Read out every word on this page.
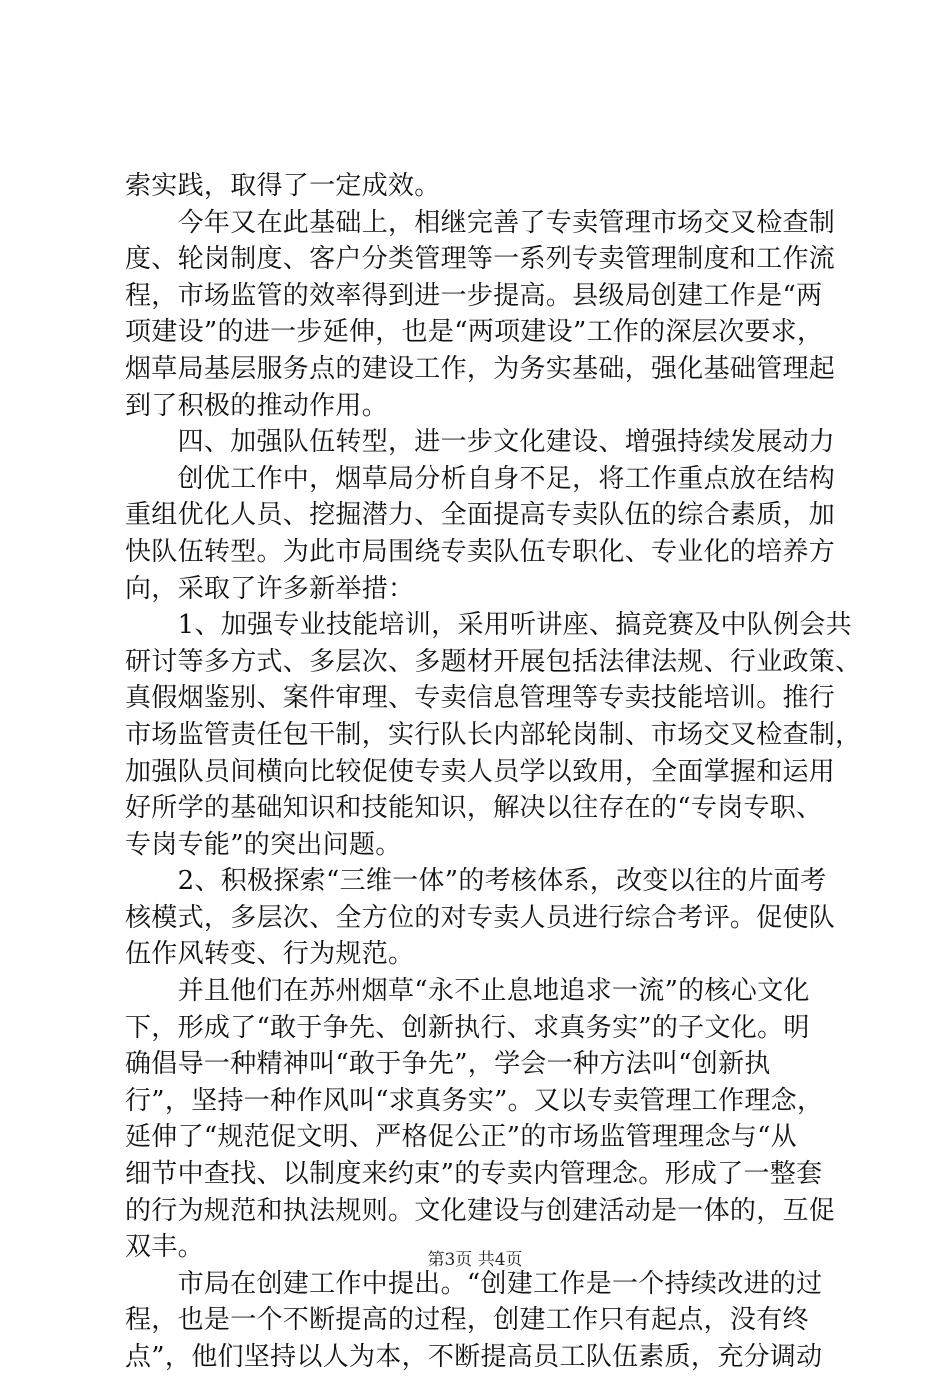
索实践，取得了一定成效。
　　今年又在此基础上，相继完善了专卖管理市场交叉检查制
度、轮岗制度、客户分类管理等一系列专卖管理制度和工作流
程，市场监管的效率得到进一步提高。县级局创建工作是“两
项建设”的进一步延伸，也是“两项建设”工作的深层次要求，
烟草局基层服务点的建设工作，为务实基础，强化基础管理起
到了积极的推动作用。
　　四、加强队伍转型，进一步文化建设、增强持续发展动力
　　创优工作中，烟草局分析自身不足，将工作重点放在结构
重组优化人员、挖掘潜力、全面提高专卖队伍的综合素质，加
快队伍转型。为此市局围绕专卖队伍专职化、专业化的培养方
向，采取了许多新举措：
　　1、加强专业技能培训，采用听讲座、搞竞赛及中队例会共
研讨等多方式、多层次、多题材开展包括法律法规、行业政策、
真假烟鉴别、案件审理、专卖信息管理等专卖技能培训。推行
市场监管责任包干制，实行队长内部轮岗制、市场交叉检查制，
加强队员间横向比较促使专卖人员学以致用，全面掌握和运用
好所学的基础知识和技能知识，解决以往存在的“专岗专职、
专岗专能”的突出问题。
　　2、积极探索“三维一体”的考核体系，改变以往的片面考
核模式，多层次、全方位的对专卖人员进行综合考评。促使队
伍作风转变、行为规范。
　　并且他们在苏州烟草“永不止息地追求一流”的核心文化
下，形成了“敢于争先、创新执行、求真务实”的子文化。明
确倡导一种精神叫“敢于争先”，学会一种方法叫“创新执
行”，坚持一种作风叫“求真务实”。又以专卖管理工作理念，
延伸了“规范促文明、严格促公正”的市场监管理理念与“从
细节中查找、以制度来约束”的专卖内管理念。形成了一整套
的行为规范和执法规则。文化建设与创建活动是一体的，互促
双丰。
　　市局在创建工作中提出。“创建工作是一个持续改进的过
程，也是一个不断提高的过程，创建工作只有起点，没有终
点”，他们坚持以人为本，不断提高员工队伍素质，充分调动
第3页 共4页
